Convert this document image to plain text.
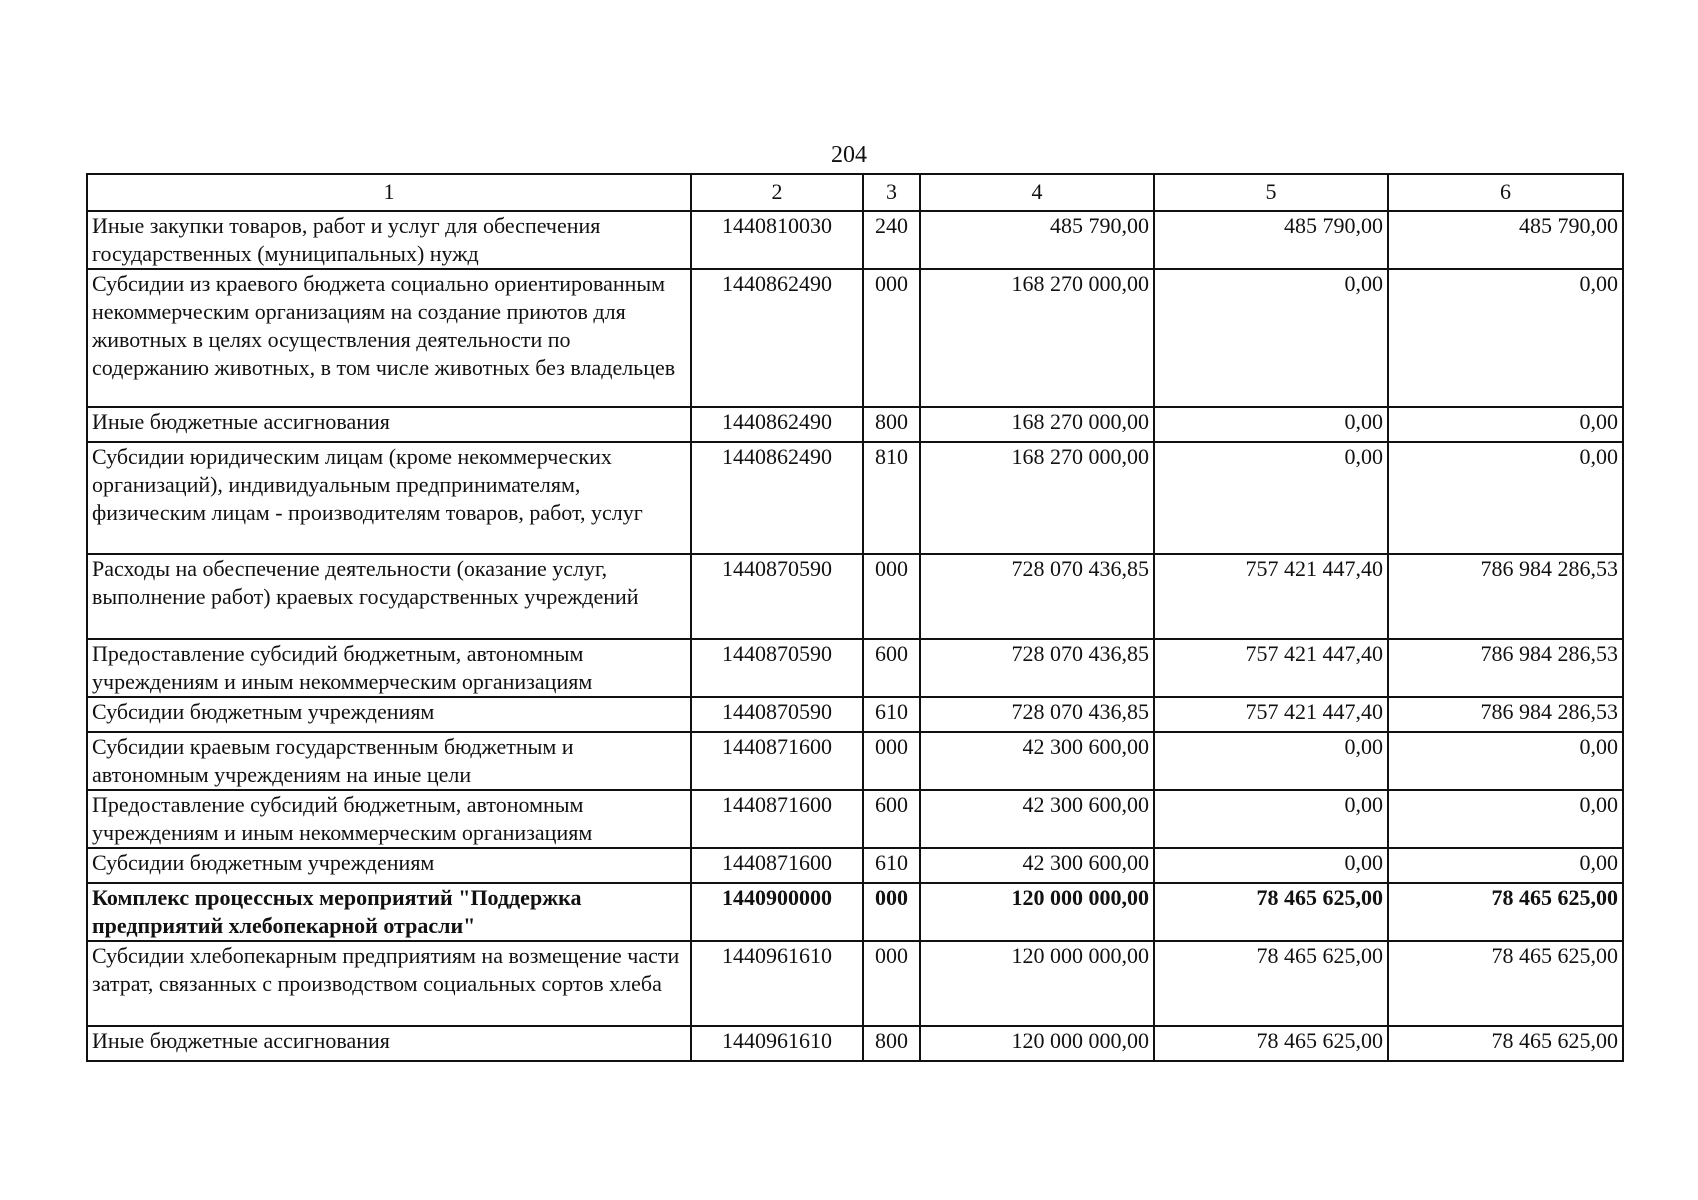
204
1	2	3	4	5	6
Иные закупки товаров, работ и услуг для обеспечения государственных (муниципальных) нужд	1440810030	240	485 790,00	485 790,00	485 790,00
Субсидии из краевого бюджета социально ориентированным некоммерческим организациям на создание приютов для животных в целях осуществления деятельности по содержанию животных, в том числе животных без владельцев	1440862490	000	168 270 000,00	0,00	0,00
Иные бюджетные ассигнования	1440862490	800	168 270 000,00	0,00	0,00
Субсидии юридическим лицам (кроме некоммерческих организаций), индивидуальным предпринимателям, физическим лицам - производителям товаров, работ, услуг	1440862490	810	168 270 000,00	0,00	0,00
Расходы на обеспечение деятельности (оказание услуг, выполнение работ) краевых государственных учреждений	1440870590	000	728 070 436,85	757 421 447,40	786 984 286,53
Предоставление субсидий бюджетным, автономным учреждениям и иным некоммерческим организациям	1440870590	600	728 070 436,85	757 421 447,40	786 984 286,53
Субсидии бюджетным учреждениям	1440870590	610	728 070 436,85	757 421 447,40	786 984 286,53
Субсидии краевым государственным бюджетным и автономным учреждениям на иные цели	1440871600	000	42 300 600,00	0,00	0,00
Предоставление субсидий бюджетным, автономным учреждениям и иным некоммерческим организациям	1440871600	600	42 300 600,00	0,00	0,00
Субсидии бюджетным учреждениям	1440871600	610	42 300 600,00	0,00	0,00
Комплекс процессных мероприятий "Поддержка предприятий хлебопекарной отрасли"	1440900000	000	120 000 000,00	78 465 625,00	78 465 625,00
Субсидии хлебопекарным предприятиям на возмещение части затрат, связанных с производством социальных сортов хлеба	1440961610	000	120 000 000,00	78 465 625,00	78 465 625,00
Иные бюджетные ассигнования	1440961610	800	120 000 000,00	78 465 625,00	78 465 625,00
